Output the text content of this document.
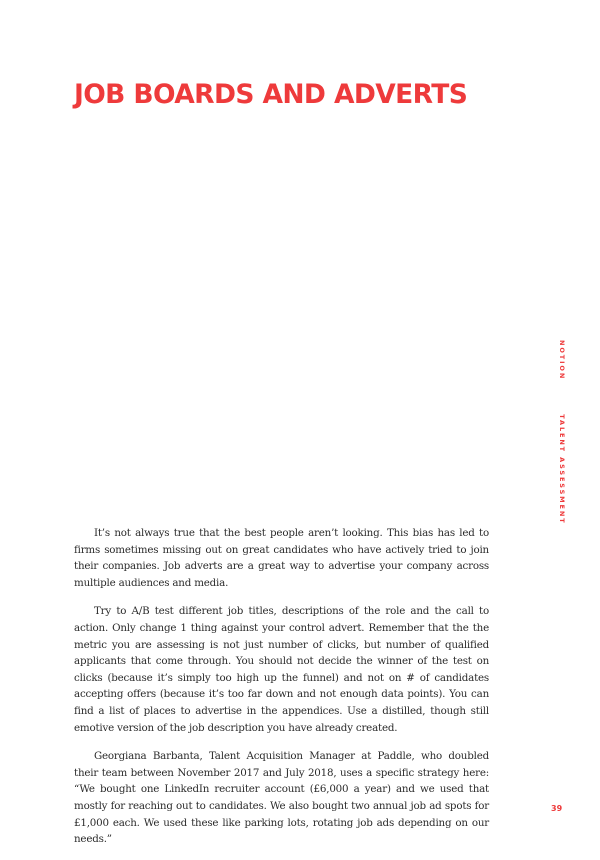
JOB BOARDS AND ADVERTS
NOTIONTALENT ASSESSMENT

It’s not always true that the best people aren’t looking. This bias has led to firms sometimes missing out on great candidates who have actively tried to join their companies. Job adverts are a great way to advertise your company across multiple audiences and media.

Try to A/B test different job titles, descriptions of the role and the call to action. Only change 1 thing against your control advert. Remember that the the metric you are assessing is not just number of clicks, but number of qualified applicants that come through. You should not decide the winner of the test on clicks (because it’s simply too high up the funnel) and not on # of candidates accepting offers (because it’s too far down and not enough data points). You can find a list of places to advertise in the appendices. Use a distilled, though still emotive version of the job description you have already created.

Georgiana Barbanta, Talent Acquisition Manager at Paddle, who doubled their team between November 2017 and July 2018, uses a specific strategy here: “We bought one LinkedIn recruiter account (£6,000 a year) and we used that mostly for reaching out to candidates. We also bought two annual job ad spots for £1,000 each. We used these like parking lots, rotating job ads depending on our needs.”

39
